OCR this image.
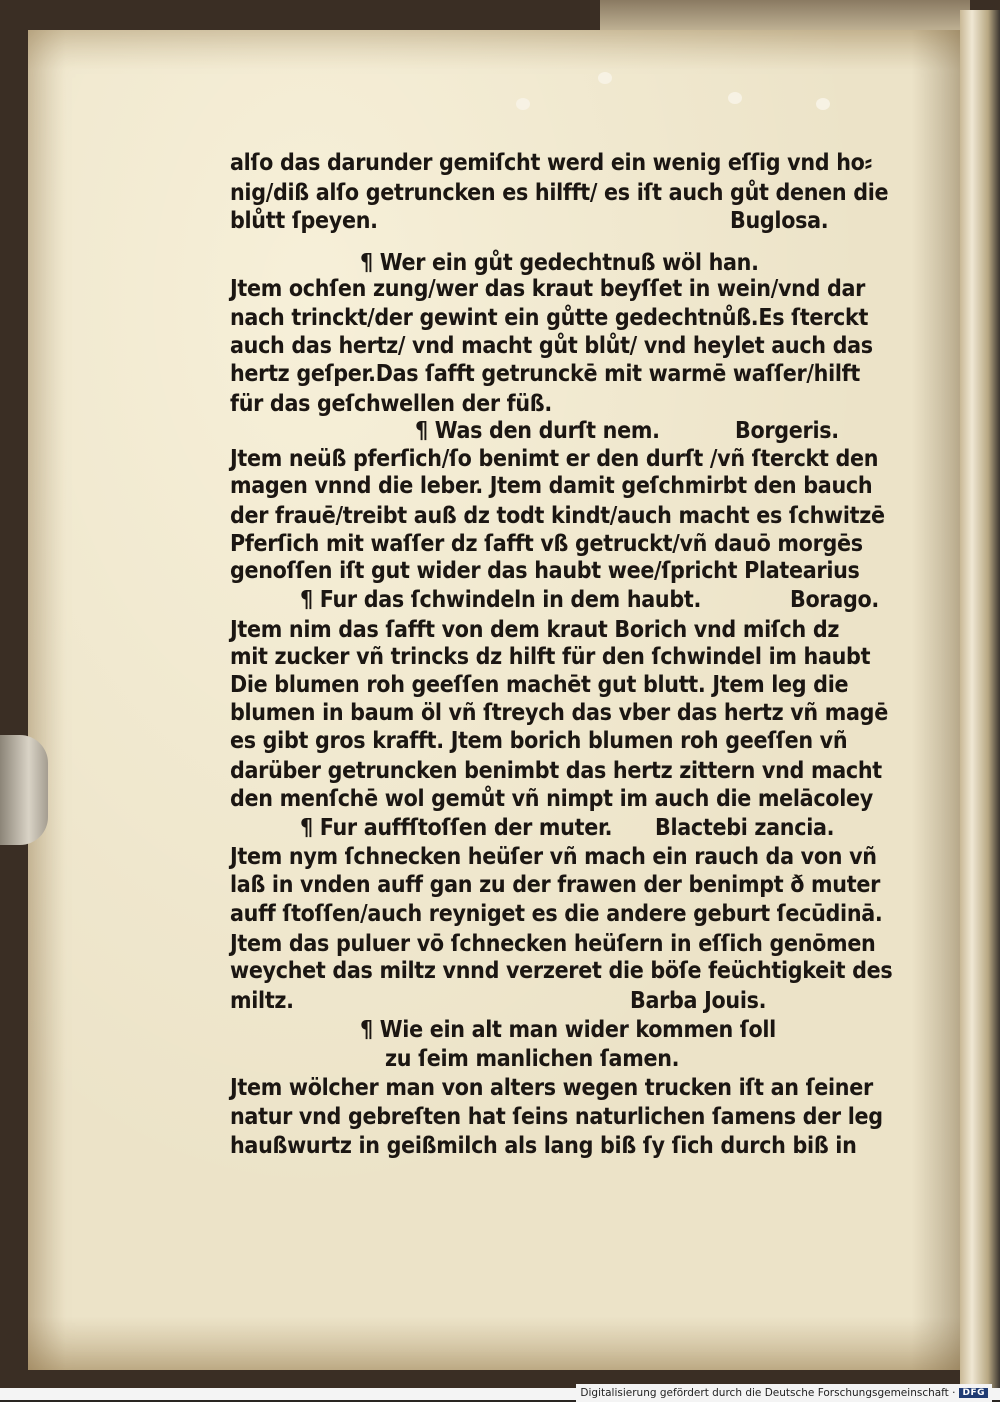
alſo das darunder gemiſcht werd ein wenig eſſig vnd ho⸗
nig/diß alſo getruncken es hilfft/ es iſt auch gůt denen die
blůtt ſpeyen.	Buglosa.
¶ Wer ein gůt gedechtnuß wöl han.
Jtem ochſen zung/wer das kraut beyſſet in wein/vnd dar
nach trinckt/der gewint ein gůtte gedechtnůß.Es ſterckt
auch das hertz/ vnd macht gůt blůt/ vnd heylet auch das
hertz geſper.Das ſafft getrunckē mit warmē waſſer/hilft
für das geſchwellen der füß.
¶ Was den durſt nem.	Borgeris.
Jtem neüß pferſich/ſo benimt er den durſt /vñ ſterckt den
magen vnnd die leber. Jtem damit geſchmirbt den bauch
der frauē/treibt auß dz todt kindt/auch macht es ſchwitzē
Pferſich mit waſſer dz ſafft vß getruckt/vñ dauō morgēs
genoſſen iſt gut wider das haubt wee/ſpricht Platearius
¶ Fur das ſchwindeln in dem haubt.	Borago.
Jtem nim das ſafft von dem kraut Borich vnd miſch dz
mit zucker vñ trincks dz hilft für den ſchwindel im haubt
Die blumen roh geeſſen machēt gut blutt. Jtem leg die
blumen in baum öl vñ ſtreych das vber das hertz vñ magē
es gibt gros krafft. Jtem borich blumen roh geeſſen vñ
darüber getruncken benimbt das hertz zittern vnd macht
den menſchē wol gemůt vñ nimpt im auch die melācoley
¶ Fur auffſtoſſen der muter. Blactebi zancia.
Jtem nym ſchnecken heüſer vñ mach ein rauch da von vñ
laß in vnden auff gan zu der frawen der benimpt ð muter
auff ſtoſſen/auch reyniget es die andere geburt ſecūdinā.
Jtem das puluer vō ſchnecken heüſern in eſſich genōmen
weychet das miltz vnnd verzeret die böſe feüchtigkeit des
miltz.	Barba Jouis.
¶ Wie ein alt man wider kommen ſoll
zu ſeim manlichen ſamen.
Jtem wölcher man von alters wegen trucken iſt an ſeiner
natur vnd gebreſten hat ſeins naturlichen ſamens der leg
haußwurtz in geißmilch als lang biß ſy ſich durch biß in
Digitalisierung gefördert durch die Deutsche Forschungsgemeinschaft · DFG
